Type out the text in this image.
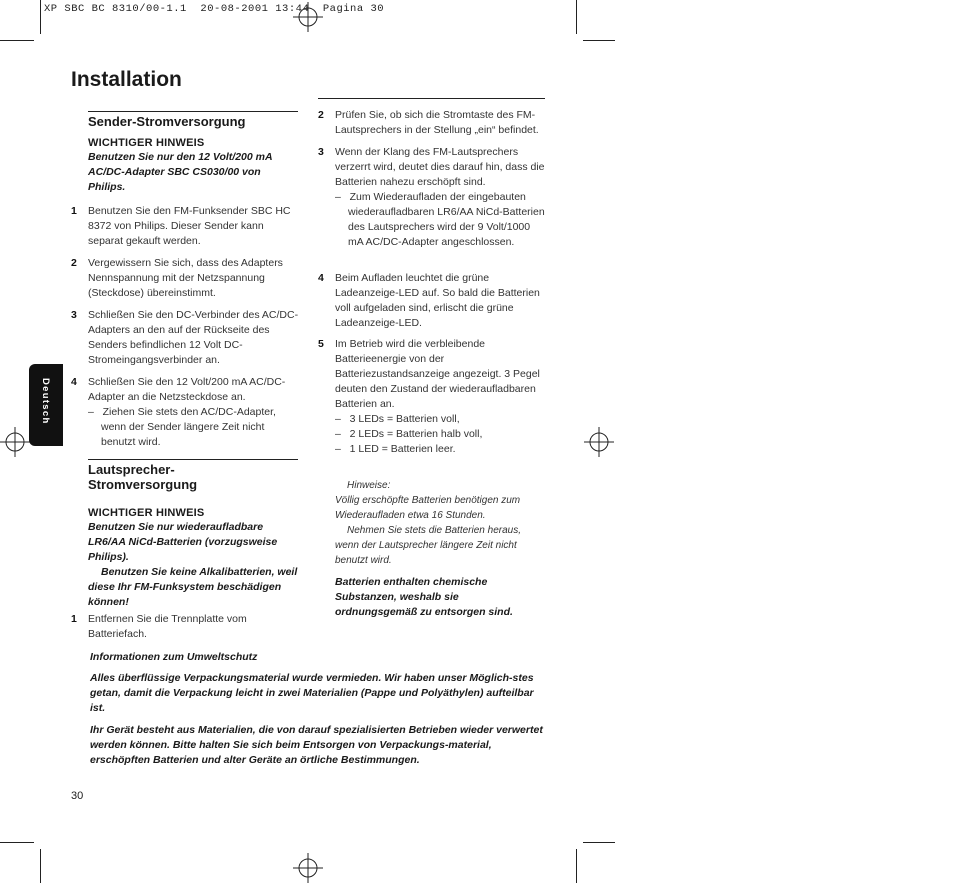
XP SBC BC 8310/00-1.1  20-08-2001 13:44  Pagina 30
Installation
Deutsch
Sender-Stromversorgung
WICHTIGER HINWEIS
Benutzen Sie nur den 12 Volt/200 mA AC/DC-Adapter SBC CS030/00 von Philips.
1 Benutzen Sie den FM-Funksender SBC HC 8372 von Philips. Dieser Sender kann separat gekauft werden.
2 Vergewissern Sie sich, dass des Adapters Nennspannung mit der Netzspannung (Steckdose) übereinstimmt.
3 Schließen Sie den DC-Verbinder des AC/DC-Adapters an den auf der Rückseite des Senders befindlichen 12 Volt DC-Stromeingangsverbinder an.
4 Schließen Sie den 12 Volt/200 mA AC/DC-Adapter an die Netzsteckdose an.
–   Ziehen Sie stets den AC/DC-Adapter, wenn der Sender längere Zeit nicht benutzt wird.
Lautsprecher-
Stromversorgung
WICHTIGER HINWEIS
Benutzen Sie nur wiederaufladbare LR6/AA NiCd-Batterien (vorzugsweise Philips).
Benutzen Sie keine Alkalibatterien, weil diese Ihr FM-Funksystem beschädigen können!
1 Entfernen Sie die Trennplatte vom Batteriefach.
2 Prüfen Sie, ob sich die Stromtaste des FM-Lautsprechers in der Stellung „ein“ befindet.
3 Wenn der Klang des FM-Lautsprechers verzerrt wird, deutet dies darauf hin, dass die Batterien nahezu erschöpft sind.
–   Zum Wiederaufladen der eingebauten wiederaufladbaren LR6/AA NiCd-Batterien des Lautsprechers wird der 9 Volt/1000 mA AC/DC-Adapter angeschlossen.
4 Beim Aufladen leuchtet die grüne Ladeanzeige-LED auf. So bald die Batterien voll aufgeladen sind, erlischt die grüne Ladeanzeige-LED.
5 Im Betrieb wird die verbleibende Batterieenergie von der Batteriezustandsanzeige angezeigt. 3 Pegel deuten den Zustand der wiederaufladbaren Batterien an.
–   3 LEDs = Batterien voll,
–   2 LEDs = Batterien halb voll,
–   1 LED = Batterien leer.
Hinweise:
Völlig erschöpfte Batterien benötigen zum Wiederaufladen etwa 16 Stunden.
Nehmen Sie stets die Batterien heraus, wenn der Lautsprecher längere Zeit nicht benutzt wird.
Batterien enthalten chemische Substanzen, weshalb sie ordnungsgemäß zu entsorgen sind.
Informationen zum Umweltschutz
Alles überflüssige Verpackungsmaterial wurde vermieden. Wir haben unser Möglich-stes getan, damit die Verpackung leicht in zwei Materialien (Pappe und Polyäthylen) aufteilbar ist.
Ihr Gerät besteht aus Materialien, die von darauf spezialisierten Betrieben wieder verwertet werden können. Bitte halten Sie sich beim Entsorgen von Verpackungs-material, erschöpften Batterien und alter Geräte an örtliche Bestimmungen.
30
